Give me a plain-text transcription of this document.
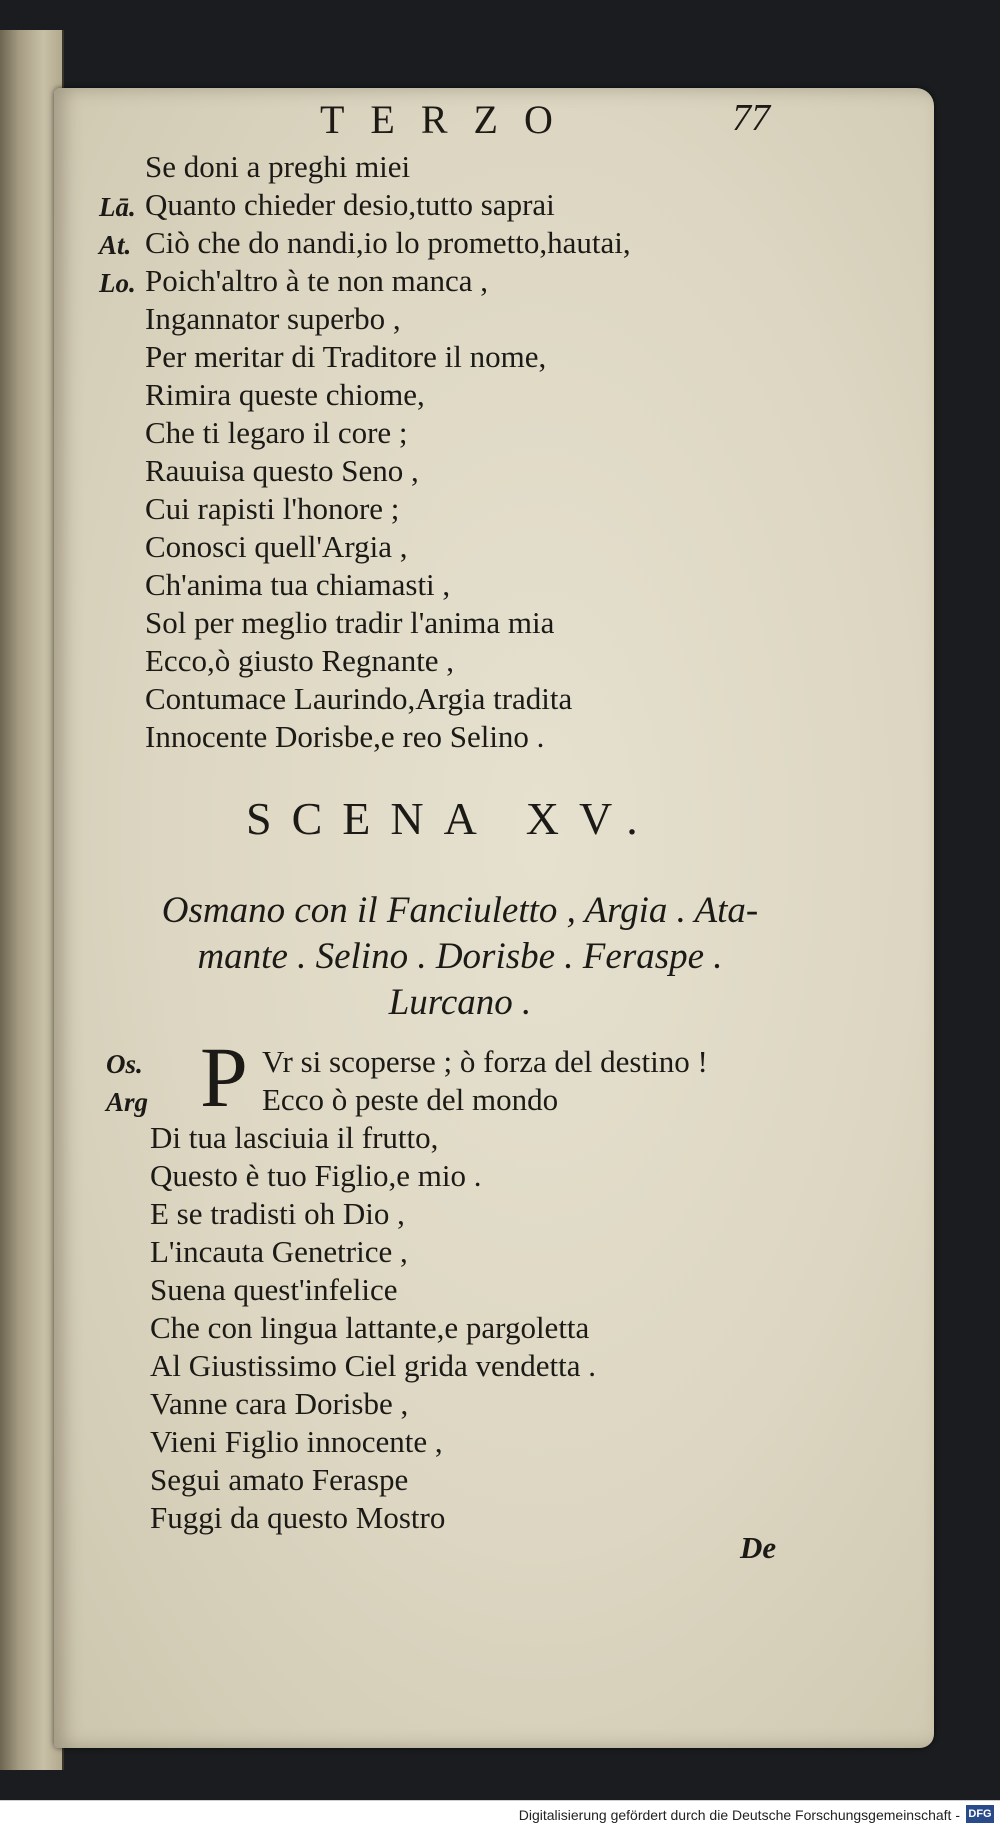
TERZO	77
Se doni a preghi miei
Lā. Quanto chieder desio,tutto saprai
At. Ciò che do nandi,io lo prometto,hautai,
Lo. Poich'altro à te non manca ,
Ingannator superbo ,
Per meritar di Traditore il nome,
Rimira queste chiome,
Che ti legaro il core ;
Rauuisa questo Seno ,
Cui rapisti l'honore ;
Conosci quell'Argia ,
Ch'anima tua chiamasti ,
Sol per meglio tradir l'anima mia
Ecco,ò giusto Regnante ,
Contumace Laurindo,Argia tradita
Innocente Dorisbe,e reo Selino .
SCENA XV.
Osmano con il Fanciuletto , Argia . Ata-
mante . Selino . Dorisbe . Feraspe .
Lurcano .
P
Os.	Vr si scoperse ; ò forza del destino !
Arg	Ecco ò peste del mondo
Di tua lasciuia il frutto,
Questo è tuo Figlio,e mio .
E se tradisti oh Dio ,
L'incauta Genetrice ,
Suena quest'infelice
Che con lingua lattante,e pargoletta
Al Giustissimo Ciel grida vendetta .
Vanne cara Dorisbe ,
Vieni Figlio innocente ,
Segui amato Feraspe
Fuggi da questo Mostro
De
Digitalisierung gefördert durch die Deutsche Forschungsgemeinschaft - DFG
